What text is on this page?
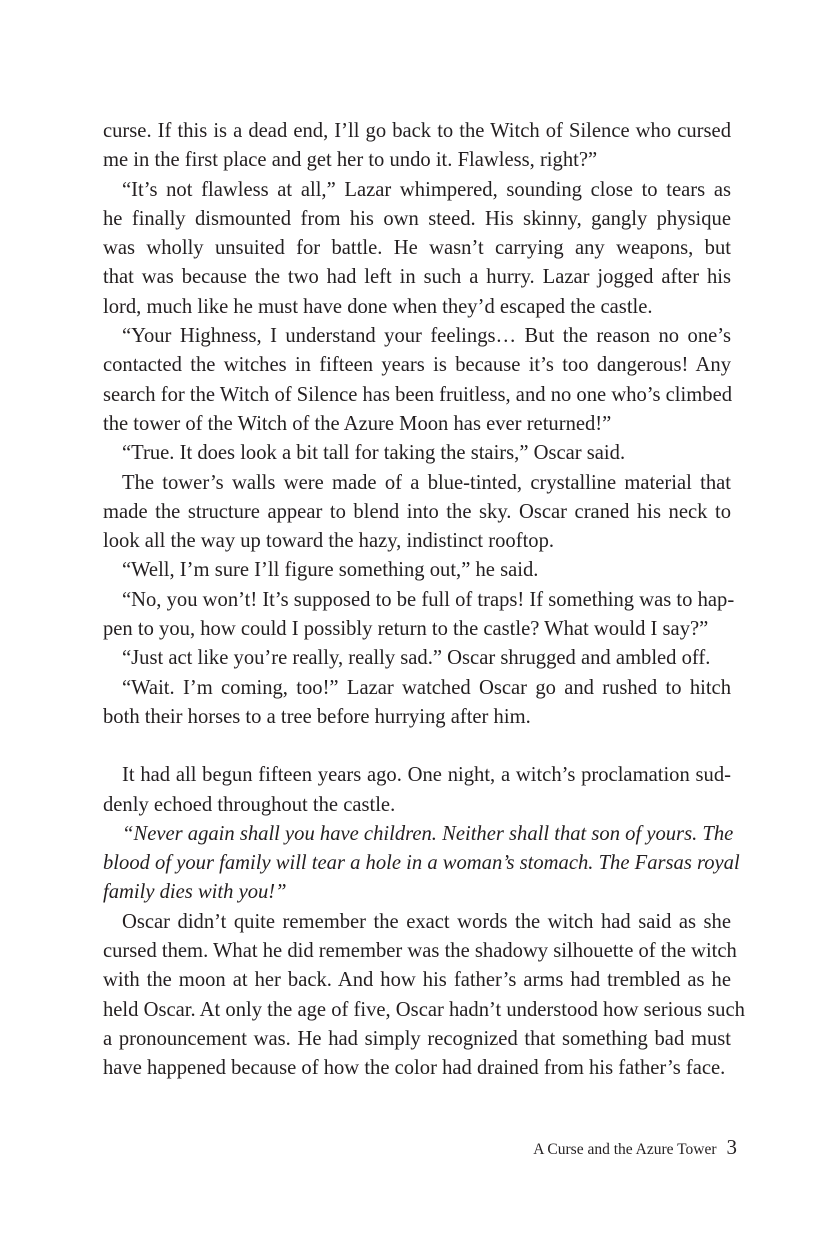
curse. If this is a dead end, I’ll go back to the Witch of Silence who cursed
me in the first place and get her to undo it. Flawless, right?”
“It’s not flawless at all,” Lazar whimpered, sounding close to tears as
he finally dismounted from his own steed. His skinny, gangly physique
was wholly unsuited for battle. He wasn’t carrying any weapons, but
that was because the two had left in such a hurry. Lazar jogged after his
lord, much like he must have done when they’d escaped the castle.
“Your Highness, I understand your feelings… But the reason no one’s
contacted the witches in fifteen years is because it’s too dangerous! Any
search for the Witch of Silence has been fruitless, and no one who’s climbed
the tower of the Witch of the Azure Moon has ever returned!”
“True. It does look a bit tall for taking the stairs,” Oscar said.
The tower’s walls were made of a blue-tinted, crystalline material that
made the structure appear to blend into the sky. Oscar craned his neck to
look all the way up toward the hazy, indistinct rooftop.
“Well, I’m sure I’ll figure something out,” he said.
“No, you won’t! It’s supposed to be full of traps! If something was to hap-
pen to you, how could I possibly return to the castle? What would I say?”
“Just act like you’re really, really sad.” Oscar shrugged and ambled off.
“Wait. I’m coming, too!” Lazar watched Oscar go and rushed to hitch
both their horses to a tree before hurrying after him.
It had all begun fifteen years ago. One night, a witch’s proclamation sud-
denly echoed throughout the castle.
“Never again shall you have children. Neither shall that son of yours. The
blood of your family will tear a hole in a woman’s stomach. The Farsas royal
family dies with you!”
Oscar didn’t quite remember the exact words the witch had said as she
cursed them. What he did remember was the shadowy silhouette of the witch
with the moon at her back. And how his father’s arms had trembled as he
held Oscar. At only the age of five, Oscar hadn’t understood how serious such
a pronouncement was. He had simply recognized that something bad must
have happened because of how the color had drained from his father’s face.
A Curse and the Azure Tower 3
